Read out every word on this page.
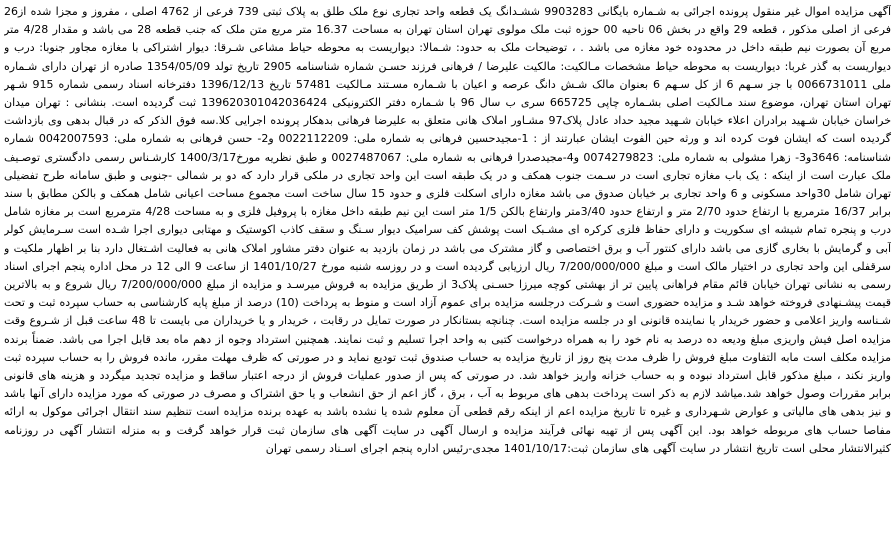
آگهی مزایده اموال غیر منقول پرونده اجرائی به شـماره بایگانی 9903283 ششـدانگ یک قطعه واحد تجاری نوع ملک طلق به پلاک ثبتی 739 فرعی از 4762 اصلی ، مفروز و مجزا شده از26 فرعی از اصلی مذکور ، قطعه 29 واقع در بخش 06 ناحیه 00 حوزه ثبت ملک مولوی تهران استان تهران به مساحت 16.37 متر مربع متن ملک که جنب قطعه 28 می باشد و مقدار 4/28 متر مربع آن بصورت نیم طبقه داخل در محدوده خود مغازه می باشد . ، توضیحات ملک به حدود: شـمالا: دیواریست به محوطه حیاط مشاعی شـرقا: دیوار اشتراکی با مغازه مجاور جنوبا: درب و دیواریست به گذر غربا: دیواریست به محوطه حیاط مشخصات مـالکیت: مالکیت علیرضا / فرهانی فرزند حسـن شماره شناسنامه 2905 تاریخ تولد 1354/05/09 صادره از تهران دارای شـماره ملی 0066731011 با جز سـهم 6 از کل سـهم 6 بعنوان مالک شـش دانگ عرصه و اعیان با شـماره مسـتند مـالکیت 57481 تاریخ 1396/12/13 دفترخانه اسناد رسمی شماره 915 شـهر تهران استان تهران، موضوع سند مـالکیت اصلی بشـماره چاپی 665725 سری ب سال 96 با شـماره دفتر الکترونیکی 139620301042036424 ثبت گردیده است. بنشانی : تهران میدان خراسان خیابان شـهید برادران اعلاء خیابان شـهید مجید حداد عادل پلاک97 مشـاور املاک هانی متعلق به علیرضا فرهانی بدهکار پرونده اجرایی کلا.سه فوق الذکر که در قبال بدهی وی بازداشت گردیده است که ایشان فوت کرده اند و ورثه حین الفوت ایشان عبارتند از : 1-مجیدحسین فرهانی به شماره ملی: 0022112209 و2- حسن فرهانی به شماره ملی: 0042007593 شماره شناسنامه: 3646و3- زهرا مشولی به شماره ملی: 0074279823 و4-مجیدصدرا فرهانی به شماره ملی: 0027487067 و طبق نظریه مورخ1400/3/17 کارشـناس رسمی دادگستری توصـیف ملک عبارت است از اینکه : یک باب مغازه تجاری است در سـمت جنوب همکف و در یک طبقه است این واحد تجاری در ملکی قرار دارد که دو بر شمالی -جنوبی و طبق سامانه طرح تفضیلی تهران شامل 30واحد مسکونی و 6 واحد تجاری بر خیابان صدوق می باشد مغازه دارای اسکلت فلزی و حدود 15 سال ساخت است مجموع مساحت اعیانی شامل همکف و بالکن مطابق با سند برابر 16/37 مترمربع با ارتفاع حدود 2/70 متر و ارتفاع حدود 3/40متر وارتفاع بالکن 1/5 متر است این نیم طبقه داخل مغازه با پروفیل فلزی و به مساحت 4/28 مترمربع است بر مغازه شامل درب و پنجره تمام شیشه ای سکوریت و دارای حفاظ فلزی کرکره ای مشـبک است پوشش کف سرامیک دیوار سـنگ و سقف کاذب اکوستیک و مهتابی دیواری اجرا شـده است سـرمایش کولر آبی و گرمایش با بخاری گازی می باشد دارای کنتور آب و برق اختصاصی و گاز مشترک می باشد در زمان بازدید به عنوان دفتر مشاور املاک هانی به فعالیت اشـتغال دارد بنا بر اظهار ملکیت و سرقفلی این واحد تجاری در اختیار مالک است و مبلغ 7/200/000/000 ریال ارزیابی گردیده است و در روزسه شنبه مورخ 1401/10/27 از ساعت 9 الی 12 در محل اداره پنجم اجرای اسناد رسمی به نشانی تهران خیابان قائم مقام فراهانی پایین تر از بهشتی کوچه میرزا حسـنی پلاک3 از طریق مزایده به فروش میرسـد و مزایده از مبلغ 7/200/000/000 ریال شروع و به بالاترین قیمت پیشـنهادی فروخته خواهد شـد و مزایده حضوری است و شـرکت درجلسه مزایده برای عموم آزاد است و منوط به پرداخت (10) درصد از مبلغ پایه کارشناسی به حساب سپرده ثبت و تحت شـناسه واریز اعلامی و حضور خریدار یا نماینده قانونی او در جلسه مزایده است. چنانچه بستانکار در صورت تمایل در رقابت ، خریدار و یا خریداران می بایست تا 48 ساعت قبل از شـروع وقت مزایده اصل فیش واریزی مبلغ ودیعه ده درصد به نام خود را به همراه درخواست کتبی به واحد اجرا تسلیم و ثبت نمایند. همچنین استرداد وجوه از دهم ماه بعد قابل اجرا می باشد. ضمناً برنده مزایده مکلف است مابه التفاوت مبلغ فروش را ظرف مدت پنج روز از تاریخ مزایده به حساب صندوق ثبت تودیع نماید و در صورتی که ظرف مهلت مقرر، مانده فروش را به حساب سپرده ثبت واریز نکند ، مبلغ مذکور قابل استرداد نبوده و به حساب خزانه واریز خواهد شد. در صورتی که پس از صدور عملیات فروش از درجه اعتبار ساقط و مزایده تجدید میگردد و هزینه های قانونی برابر مقررات وصول خواهد شد.میاشد لازم به ذکر است پرداخت بدهی های مربوط به آب ، برق ، گاز اعم از حق انشعاب و یا حق اشتراک و مصرف در صورتی که مورد مزایده دارای آنها باشد و نیز بدهی های مالیاتی و عوارض شـهرداری و غیره تا تاریخ مزایده اعم از اینکه رقم قطعی آن معلوم شده یا نشده باشد به عهده برنده مزایده است تنظیم سند انتقال اجرائی موکول به ارائه مفاصا حساب های مربوطه خواهد بود. این آگهی پس از تهیه نهائی فرآیند مزایده و ارسال آگهی در سایت آگهی های سازمان ثبت قرار خواهد گرفت و به منزله انتشار آگهی در روزنامه کثیرالانتشار محلی است تاریخ انتشار در سایت آگهی های سازمان ثبت:1401/10/17 مجدی-رئیس اداره پنجم اجرای اسـناد رسمی تهران
